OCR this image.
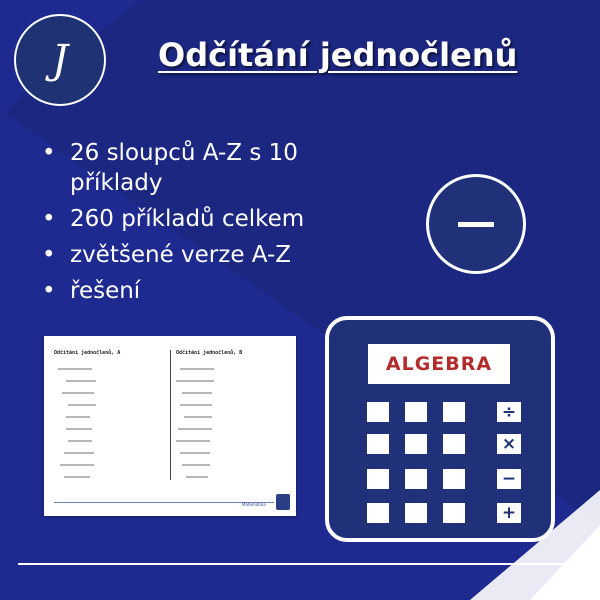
J	Odčítání jednočlenů
• 26 sloupců A-Z s 10 příklady
• 260 příkladů celkem
• zvětšené verze A-Z
• řešení
Odčítání jednočlenů, A	Odčítání jednočlenů, B
Matematika
ALGEBRA
÷
×
−
+
